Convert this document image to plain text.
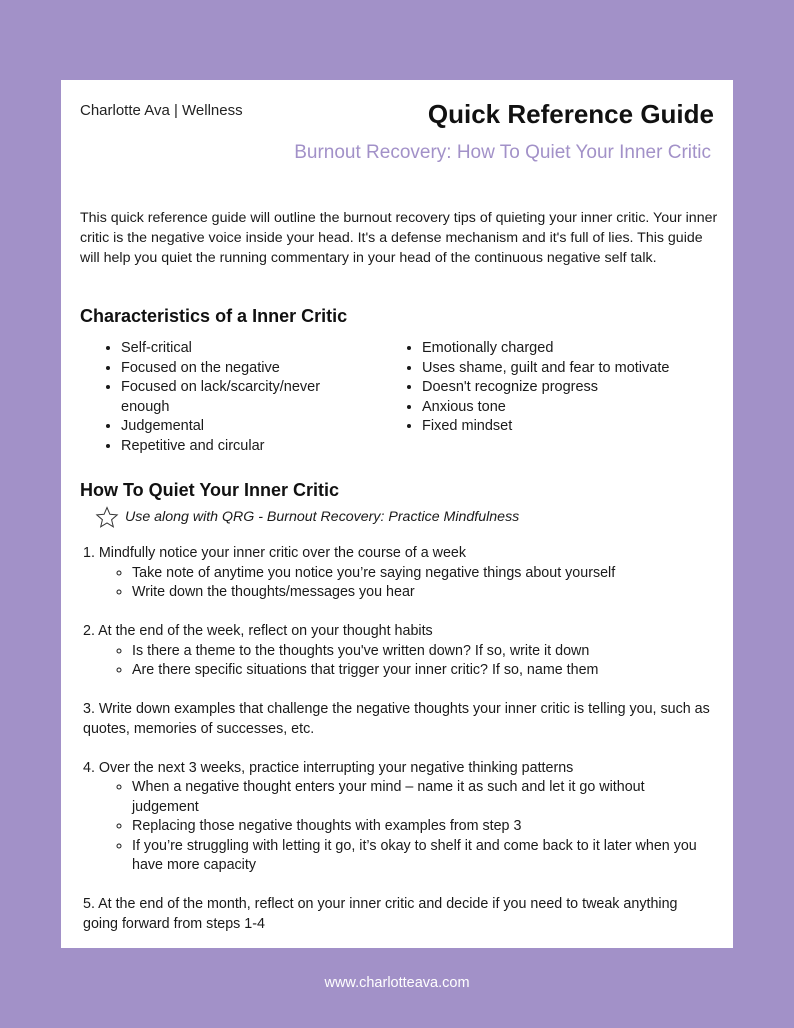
Charlotte Ava | Wellness	Quick Reference Guide
Burnout Recovery: How To Quiet Your Inner Critic
This quick reference guide will outline the burnout recovery tips of quieting your inner critic. Your inner critic is the negative voice inside your head. It's a defense mechanism and it's full of lies. This guide will help you quiet the running commentary in your head of the continuous negative self talk.
Characteristics of a Inner Critic
• Self-critical
• Focused on the negative
• Focused on lack/scarcity/never enough
• Judgemental
• Repetitive and circular
• Emotionally charged
• Uses shame, guilt and fear to motivate
• Doesn't recognize progress
• Anxious tone
• Fixed mindset
How To Quiet Your Inner Critic
Use along with QRG - Burnout Recovery: Practice Mindfulness
1. Mindfully notice your inner critic over the course of a week
◦ Take note of anytime you notice you’re saying negative things about yourself
◦ Write down the thoughts/messages you hear
2. At the end of the week, reflect on your thought habits
◦ Is there a theme to the thoughts you've written down? If so, write it down
◦ Are there specific situations that trigger your inner critic? If so, name them
3. Write down examples that challenge the negative thoughts your inner critic is telling you, such as quotes, memories of successes, etc.
4. Over the next 3 weeks, practice interrupting your negative thinking patterns
◦ When a negative thought enters your mind – name it as such and let it go without judgement
◦ Replacing those negative thoughts with examples from step 3
◦ If you’re struggling with letting it go, it’s okay to shelf it and come back to it later when you have more capacity
5. At the end of the month, reflect on your inner critic and decide if you need to tweak anything going forward from steps 1-4
www.charlotteava.com
